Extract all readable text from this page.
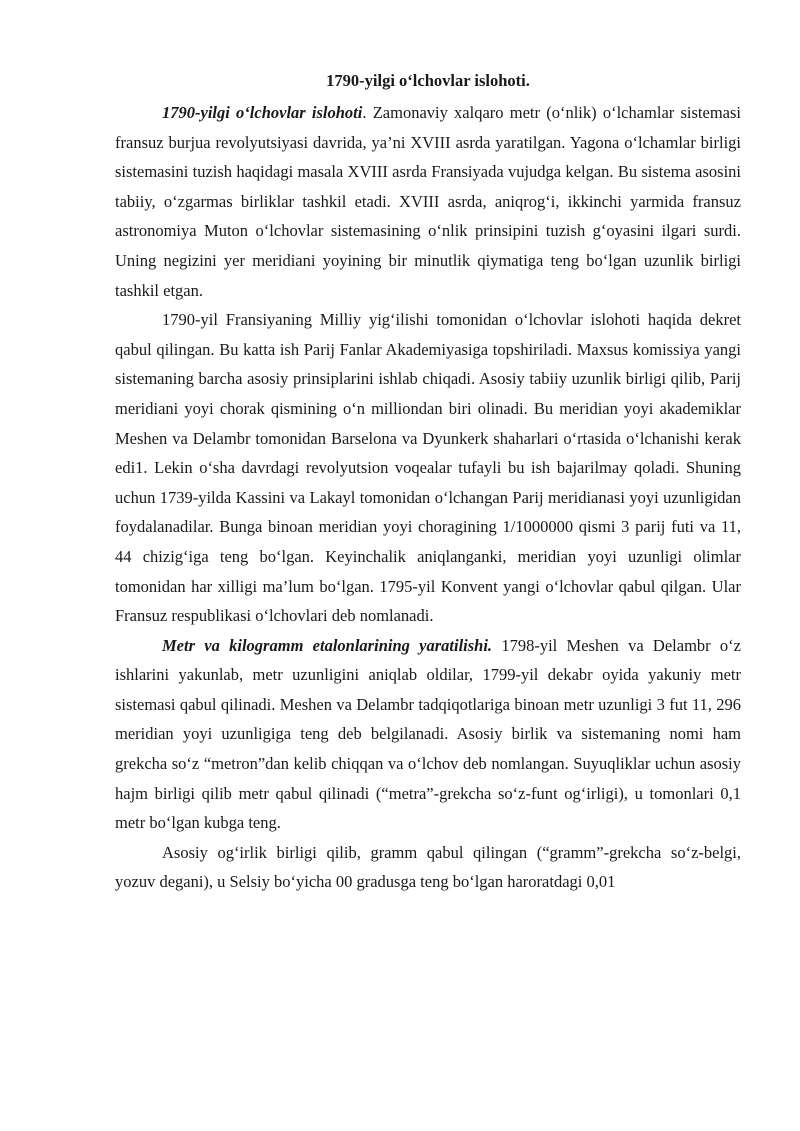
1790-yilgi oʻlchovlar islohoti.

1790-yilgi oʻlchovlar islohoti. Zamonaviy xalqaro metr (oʻnlik) oʻlchamlar sistemasi fransuz burjua revolyutsiyasi davrida, ya’ni XVIII asrda yaratilgan. Yagona oʻlchamlar birligi sistemasini tuzish haqidagi masala XVIII asrda Fransiyada vujudga kelgan. Bu sistema asosini tabiiy, oʻzgarmas birliklar tashkil etadi. XVIII asrda, aniqrogʻi, ikkinchi yarmida fransuz astronomiya Muton oʻlchovlar sistemasining oʻnlik prinsipini tuzish gʻoyasini ilgari surdi. Uning negizini yer meridiani yoyining bir minutlik qiymatiga teng boʻlgan uzunlik birligi tashkil etgan.

1790-yil Fransiyaning Milliy yigʻilishi tomonidan oʻlchovlar islohoti haqida dekret qabul qilingan. Bu katta ish Parij Fanlar Akademiyasiga topshiriladi. Maxsus komissiya yangi sistemaning barcha asosiy prinsiplarini ishlab chiqadi. Asosiy tabiiy uzunlik birligi qilib, Parij meridiani yoyi chorak qismining oʻn milliondan biri olinadi. Bu meridian yoyi akademiklar Meshen va Delambr tomonidan Barselona va Dyunkerk shaharlari oʻrtasida oʻlchanishi kerak edi1. Lekin oʻsha davrdagi revolyutsion voqealar tufayli bu ish bajarilmay qoladi. Shuning uchun 1739-yilda Kassini va Lakayl tomonidan oʻlchangan Parij meridianasi yoyi uzunligidan foydalanadilar. Bunga binoan meridian yoyi choragining 1/1000000 qismi 3 parij futi va 11, 44 chizigʻiga teng boʻlgan. Keyinchalik aniqlanganki, meridian yoyi uzunligi olimlar tomonidan har xilligi ma’lum boʻlgan. 1795-yil Konvent yangi oʻlchovlar qabul qilgan. Ular Fransuz respublikasi oʻlchovlari deb nomlanadi.

Metr va kilogramm etalonlarining yaratilishi. 1798-yil Meshen va Delambr oʻz ishlarini yakunlab, metr uzunligini aniqlab oldilar, 1799-yil dekabr oyida yakuniy metr sistemasi qabul qilinadi. Meshen va Delambr tadqiqotlariga binoan metr uzunligi 3 fut 11, 296 meridian yoyi uzunligiga teng deb belgilanadi. Asosiy birlik va sistemaning nomi ham grekcha soʻz “metron”dan kelib chiqqan va oʻlchov deb nomlangan. Suyuqliklar uchun asosiy hajm birligi qilib metr qabul qilinadi (“metra”-grekcha soʻz-funt ogʻirligi), u tomonlari 0,1 metr boʻlgan kubga teng.

Asosiy ogʻirlik birligi qilib, gramm qabul qilingan (“gramm”-grekcha soʻz-belgi, yozuv degani), u Selsiy boʻyicha 00 gradusga teng boʻlgan haroratdagi 0,01
